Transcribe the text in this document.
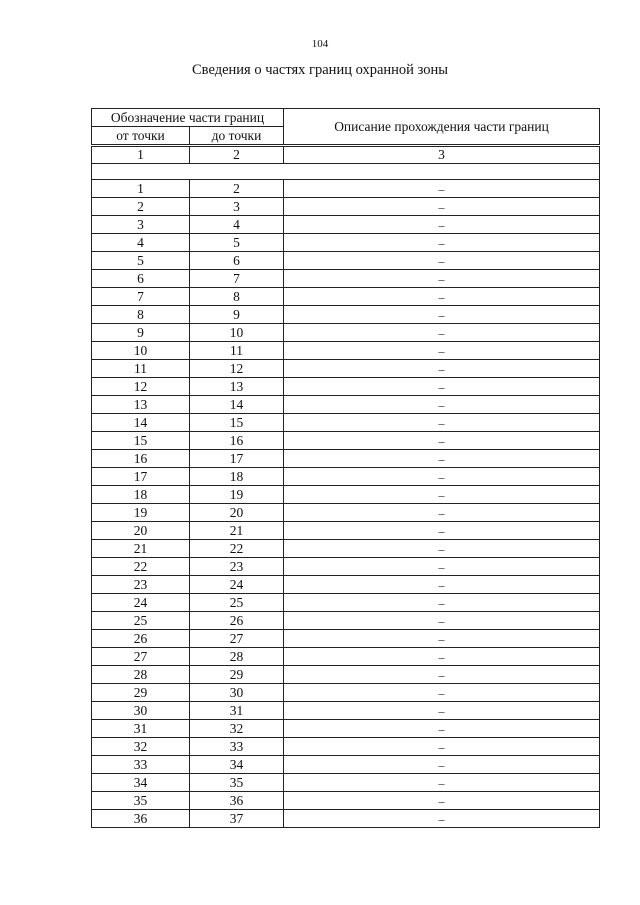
104
Сведения о частях границ охранной зоны
Обозначение части границ		Описание прохождения части границ
от точки	до точки	
1	2	3

1	2	–
2	3	–
3	4	–
4	5	–
5	6	–
6	7	–
7	8	–
8	9	–
9	10	–
10	11	–
11	12	–
12	13	–
13	14	–
14	15	–
15	16	–
16	17	–
17	18	–
18	19	–
19	20	–
20	21	–
21	22	–
22	23	–
23	24	–
24	25	–
25	26	–
26	27	–
27	28	–
28	29	–
29	30	–
30	31	–
31	32	–
32	33	–
33	34	–
34	35	–
35	36	–
36	37	–
